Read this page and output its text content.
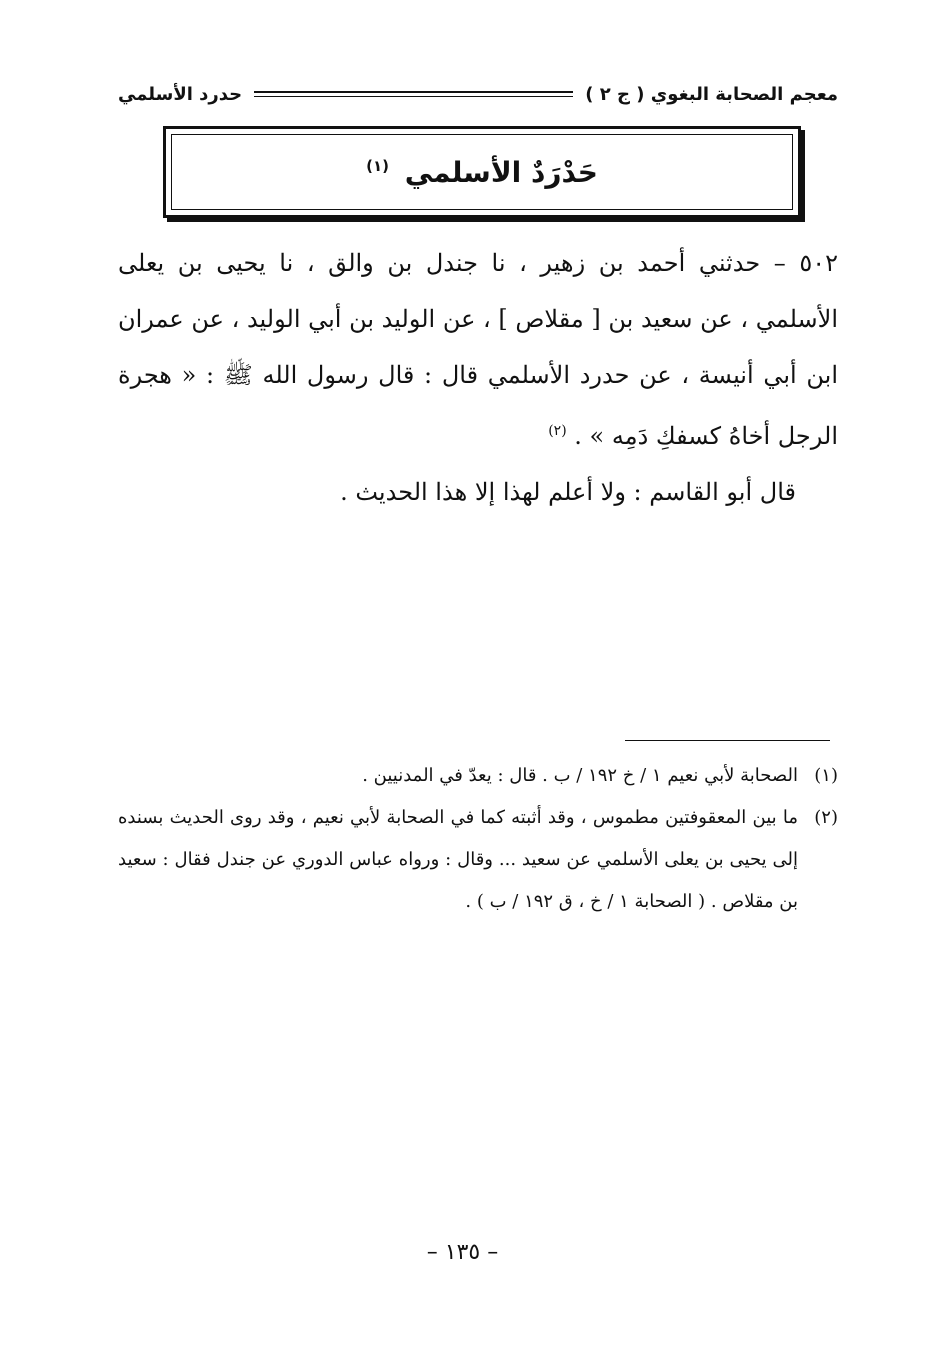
معجم الصحابة البغوي ( ج ٢ )
حدرد الأسلمي
حَدْرَدٌ الأسلمي $^{(١)}$

٥٠٢ – حدثني أحمد بن زهير ، نا جندل بن والق ، نا يحيى بن يعلى الأسلمي ، عن سعيد بن [ مقلاص ] ، عن الوليد بن أبي الوليد ، عن عمران ابن أبي أنيسة ، عن حدرد الأسلمي قال : قال رسول الله ﷺ : « هجرة الرجل أخاهُ كسفكِ دَمِه » . $^{(٢)}$

قال أبو القاسم : ولا أعلم لهذا إلا هذا الحديث .

(١)
الصحابة لأبي نعيم ١ / خ ١٩٢ / ب . قال : يعدّ في المدنيين .
(٢)
ما بين المعقوفتين مطموس ، وقد أثبته كما في الصحابة لأبي نعيم ، وقد روى الحديث بسنده إلى يحيى بن يعلى الأسلمي عن سعيد ... وقال : ورواه عباس الدوري عن جندل فقال : سعيد بن مقلاص . ( الصحابة ١ / خ ، ق ١٩٢ / ب ) .
– ١٣٥ –
